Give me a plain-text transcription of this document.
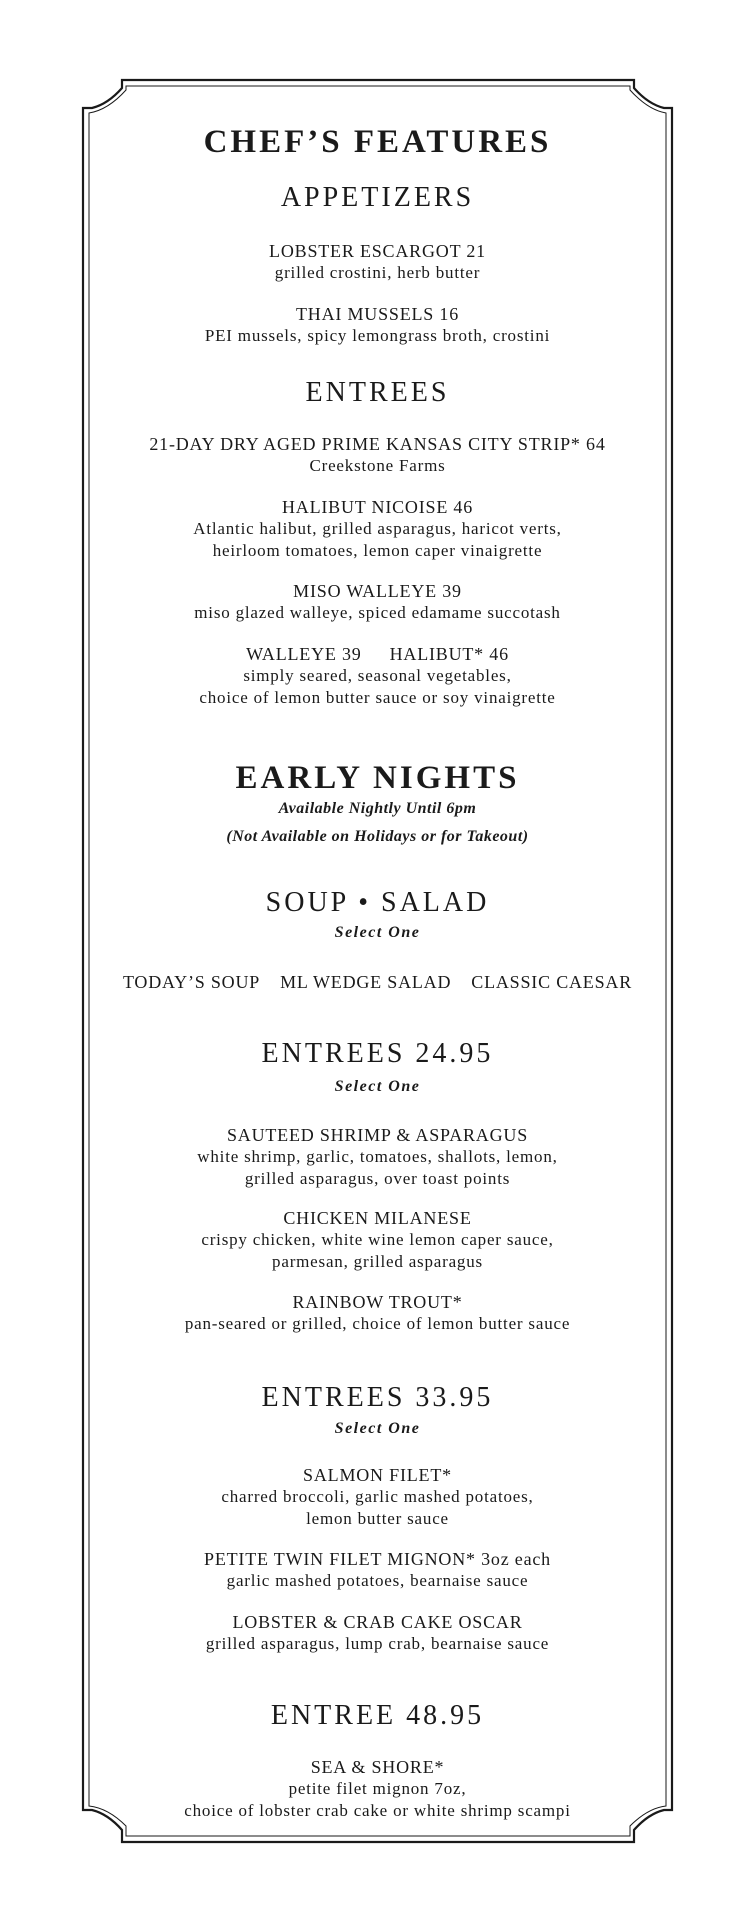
CHEF’S FEATURES
APPETIZERS
LOBSTER ESCARGOT 21
grilled crostini, herb butter
THAI MUSSELS 16
PEI mussels, spicy lemongrass broth, crostini
ENTREES
21-DAY DRY AGED PRIME KANSAS CITY STRIP* 64
Creekstone Farms
HALIBUT NICOISE 46
Atlantic halibut, grilled asparagus, haricot verts,
heirloom tomatoes, lemon caper vinaigrette
MISO WALLEYE 39
miso glazed walleye, spiced edamame succotash
WALLEYE 39 HALIBUT* 46
simply seared, seasonal vegetables,
choice of lemon butter sauce or soy vinaigrette
EARLY NIGHTS
Available Nightly Until 6pm
(Not Available on Holidays or for Takeout)
SOUP • SALAD
Select One
TODAY’S SOUP ML WEDGE SALAD CLASSIC CAESAR
ENTREES 24.95
Select One
SAUTEED SHRIMP & ASPARAGUS
white shrimp, garlic, tomatoes, shallots, lemon,
grilled asparagus, over toast points
CHICKEN MILANESE
crispy chicken, white wine lemon caper sauce,
parmesan, grilled asparagus
RAINBOW TROUT*
pan-seared or grilled, choice of lemon butter sauce
ENTREES 33.95
Select One
SALMON FILET*
charred broccoli, garlic mashed potatoes,
lemon butter sauce
PETITE TWIN FILET MIGNON* 3oz each
garlic mashed potatoes, bearnaise sauce
LOBSTER & CRAB CAKE OSCAR
grilled asparagus, lump crab, bearnaise sauce
ENTREE 48.95
SEA & SHORE*
petite filet mignon 7oz,
choice of lobster crab cake or white shrimp scampi
